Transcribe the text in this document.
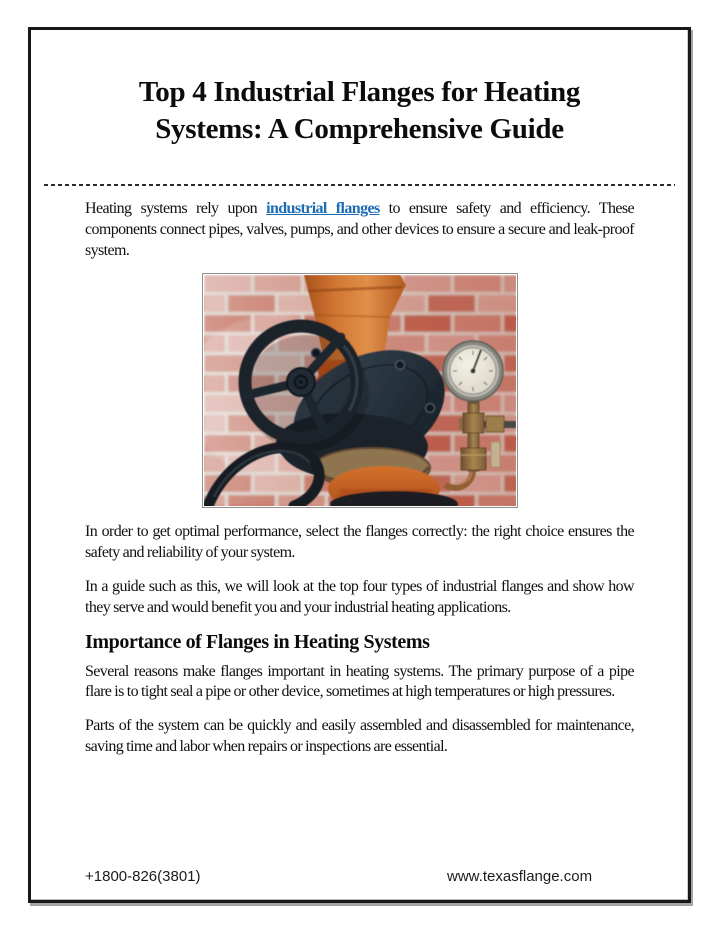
Top 4 Industrial Flanges for Heating Systems: A Comprehensive Guide

Heating systems rely upon industrial flanges to ensure safety and efficiency. These components connect pipes, valves, pumps, and other devices to ensure a secure and leak-proof system.

In order to get optimal performance, select the flanges correctly: the right choice ensures the safety and reliability of your system.

In a guide such as this, we will look at the top four types of industrial flanges and show how they serve and would benefit you and your industrial heating applications.

Importance of Flanges in Heating Systems

Several reasons make flanges important in heating systems. The primary purpose of a pipe flare is to tight seal a pipe or other device, sometimes at high temperatures or high pressures.

Parts of the system can be quickly and easily assembled and disassembled for maintenance, saving time and labor when repairs or inspections are essential.

+1800-826(3801)	www.texasflange.com
